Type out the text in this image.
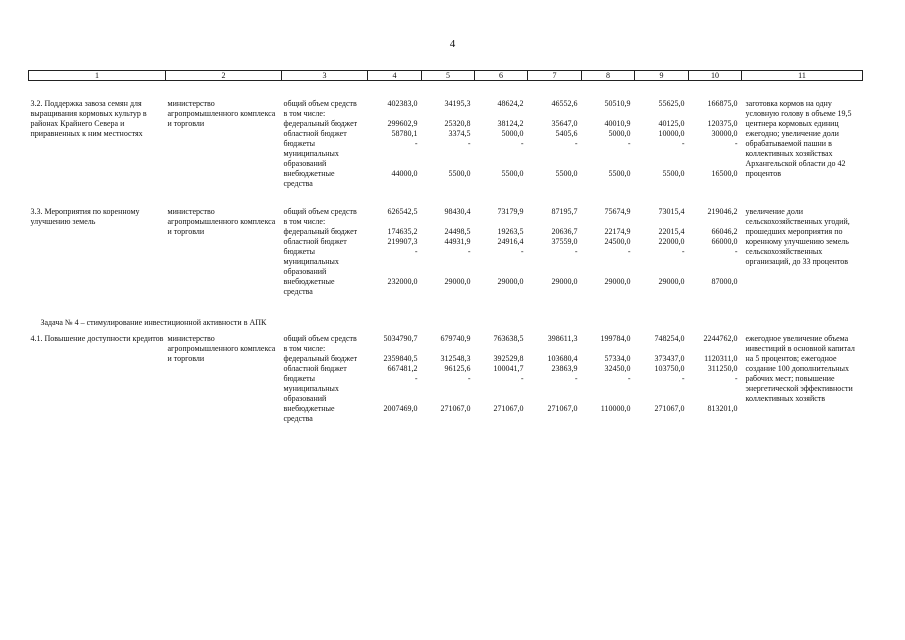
4
1	2	3	4	5	6	7	8	9	10	11

3.2. Поддержка завоза семян для выращивания кормовых культур в районах Крайнего Севера и приравненных к ним местностях	министерство агропромышленного комплекса и торговли	общий объем средств	402383,0	34195,3	48624,2	46552,6	50510,9	55625,0	166875,0	заготовка кормов на одну условную голову в объеме 19,5 центнера кормовых единиц ежегодно; увеличение доли обрабатываемой пашни в коллективных хозяйствах Архангельской области до 42 процентов
		в том числе:								
		федеральный бюджет	299602,9	25320,8	38124,2	35647,0	40010,9	40125,0	120375,0	
		областной бюджет	58780,1	3374,5	5000,0	5405,6	5000,0	10000,0	30000,0	
		бюджеты муниципальных образований	-	-	-	-	-	-	-	
		внебюджетные средства	44000,0	5500,0	5500,0	5500,0	5500,0	5500,0	16500,0	

3.3. Мероприятия по коренному улучшению земель	министерство агропромышленного комплекса и торговли	общий объем средств	626542,5	98430,4	73179,9	87195,7	75674,9	73015,4	219046,2	увеличение доли сельскохозяйственных угодий, прошедших мероприятия по коренному улучшению земель сельскохозяйственных организаций, до 33 процентов
		в том числе:								
		федеральный бюджет	174635,2	24498,5	19263,5	20636,7	22174,9	22015,4	66046,2	
		областной бюджет	219907,3	44931,9	24916,4	37559,0	24500,0	22000,0	66000,0	
		бюджеты муниципальных образований	-	-	-	-	-	-	-	
		внебюджетные средства	232000,0	29000,0	29000,0	29000,0	29000,0	29000,0	87000,0	

Задача № 4 – стимулирование инвестиционной активности в АПК										
4.1. Повышение доступности кредитов	министерство агропромышленного комплекса и торговли	общий объем средств	5034790,7	679740,9	763638,5	398611,3	199784,0	748254,0	2244762,0	ежегодное увеличение объема инвестиций в основной капитал на 5 процентов; ежегодное создание 100 дополнительных рабочих мест; повышение энергетической эффективности коллективных хозяйств
		в том числе:								
		федеральный бюджет	2359840,5	312548,3	392529,8	103680,4	57334,0	373437,0	1120311,0	
		областной бюджет	667481,2	96125,6	100041,7	23863,9	32450,0	103750,0	311250,0	
		бюджеты муниципальных образований	-	-	-	-	-	-	-	
		внебюджетные средства	2007469,0	271067,0	271067,0	271067,0	110000,0	271067,0	813201,0	
